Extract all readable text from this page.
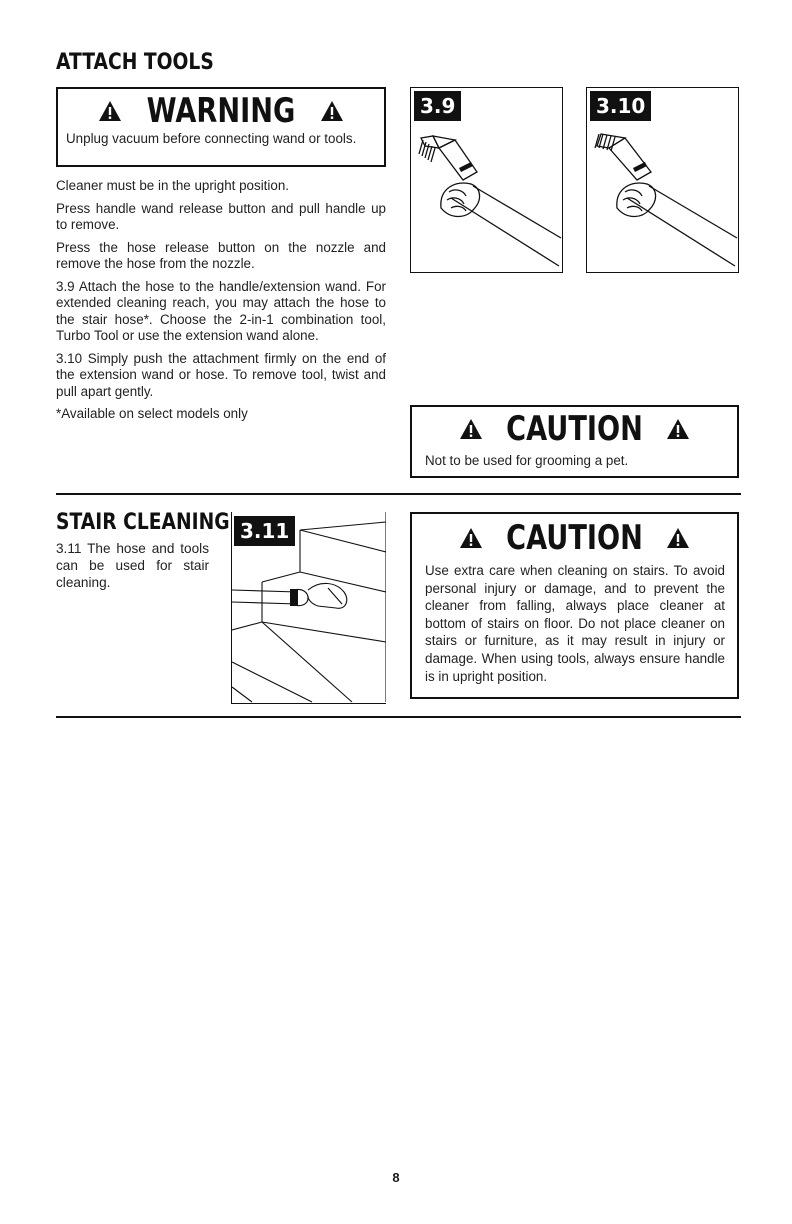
ATTACH TOOLS
WARNING
Unplug vacuum before connecting wand or tools.

Cleaner must be in the upright position.

Press handle wand release button and pull handle up to remove.

Press the hose release button on the nozzle and remove the hose from the nozzle.

3.9 Attach the hose to the handle/extension wand. For extended cleaning reach, you may attach the hose to the stair hose*. Choose the 2-in-1 combination tool, Turbo Tool or use the extension wand alone.

3.10 Simply push the attachment firmly on the end of the extension wand or hose. To remove tool, twist and pull apart gently.

*Available on select models only

3.9	3.10
CAUTION
Not to be used for grooming a pet.
STAIR CLEANING
3.11 The hose and tools can be used for stair cleaning.
3.11	CAUTION
Use extra care when cleaning on stairs. To avoid personal injury or damage, and to prevent the cleaner from falling, always place cleaner at bottom of stairs on floor. Do not place cleaner on stairs or furniture, as it may result in injury or damage. When using tools, always ensure handle is in upright position.
8
